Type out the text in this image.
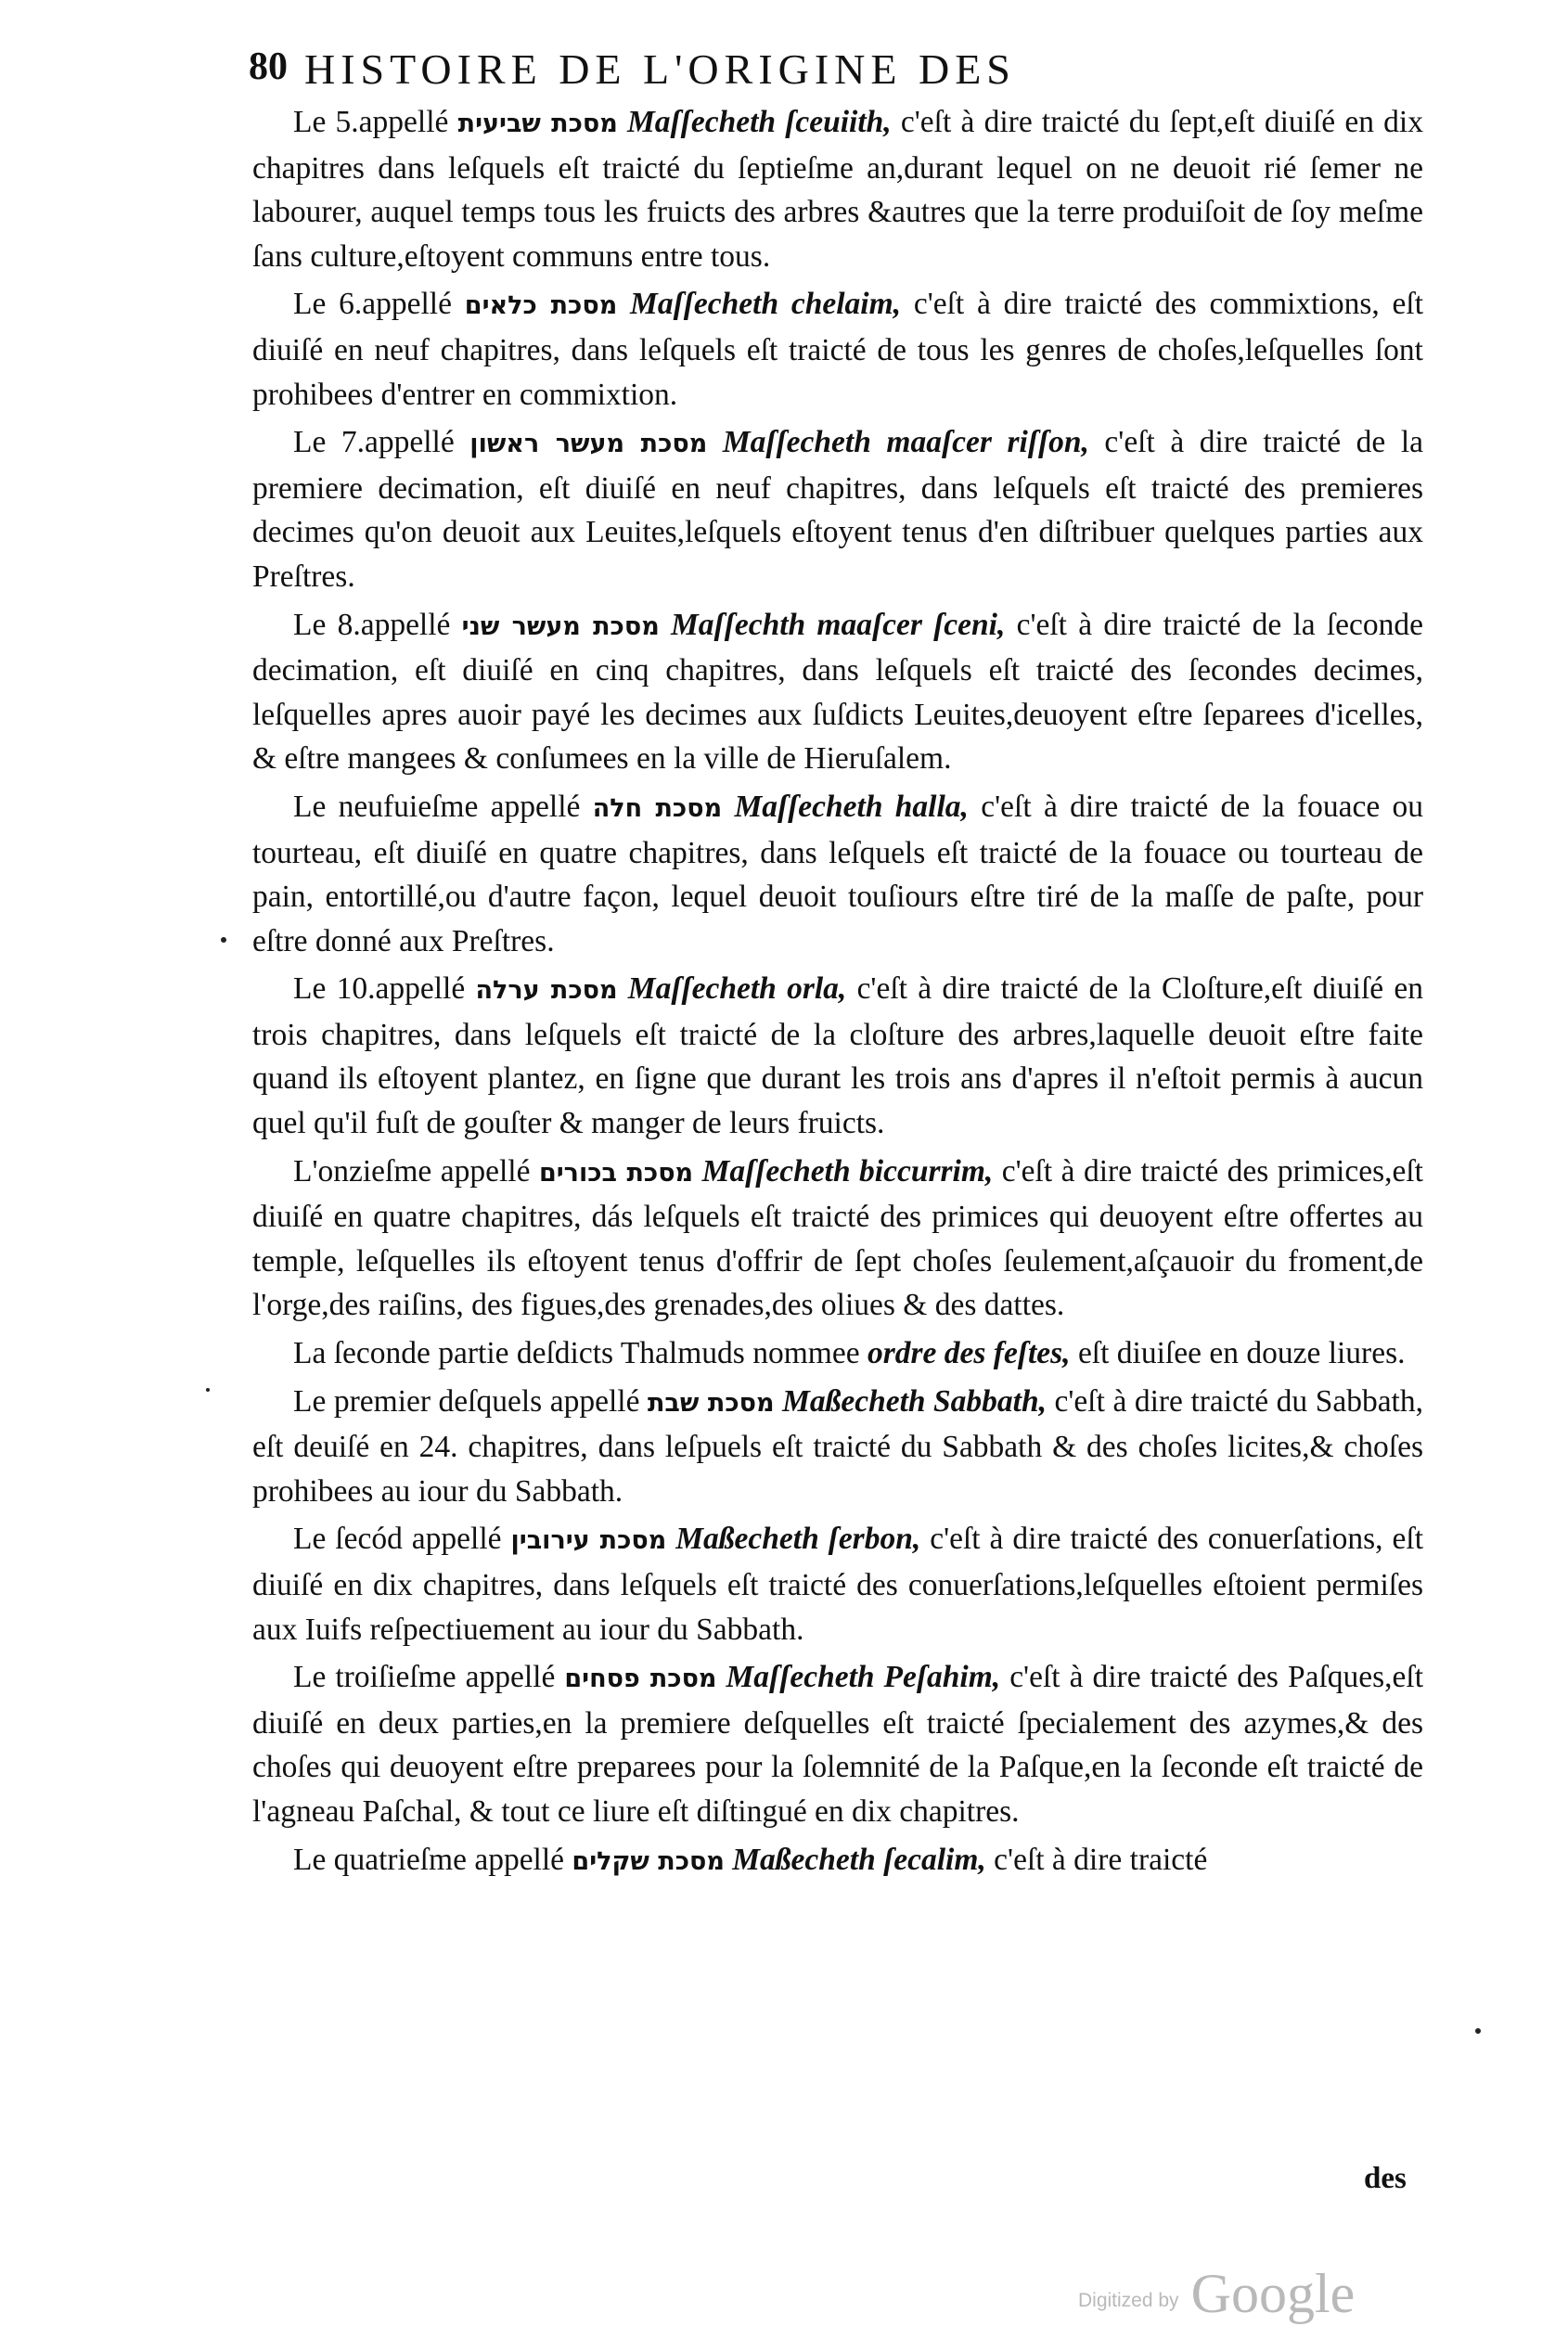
80 HISTOIRE DE L'ORIGINE DES

Le 5.appellé מסכת שביעית Maſſecheth ſceuiith, c'eſt à dire traicté du ſept,eſt diuiſé en dix chapitres dans leſquels eſt traicté du ſeptieſme an,durant lequel on ne deuoit rié ſemer ne labourer, auquel temps tous les fruicts des arbres &autres que la terre produiſoit de ſoy meſme ſans culture,eſtoyent communs entre tous.

Le 6.appellé מסכת כלאים Maſſecheth chelaim, c'eſt à dire traicté des commixtions, eſt diuiſé en neuf chapitres, dans leſquels eſt traicté de tous les genres de choſes,leſquelles ſont prohibees d'entrer en commixtion.

Le 7.appellé מסכת מעשר ראשון Maſſecheth maaſcer riſſon, c'eſt à dire traicté de la premiere decimation, eſt diuiſé en neuf chapitres, dans leſquels eſt traicté des premieres decimes qu'on deuoit aux Leuites,leſquels eſtoyent tenus d'en diſtribuer quelques parties aux Preſtres.

Le 8.appellé מסכת מעשר שני Maſſechth maaſcer ſceni, c'eſt à dire traicté de la ſeconde decimation, eſt diuiſé en cinq chapitres, dans leſquels eſt traicté des ſecondes decimes, leſquelles apres auoir payé les decimes aux ſuſdicts Leuites,deuoyent eſtre ſeparees d'icelles, & eſtre mangees & conſumees en la ville de Hieruſalem.

Le neufuieſme appellé מסכת חלה Maſſecheth halla, c'eſt à dire traicté de la fouace ou tourteau, eſt diuiſé en quatre chapitres, dans leſquels eſt traicté de la fouace ou tourteau de pain, entortillé,ou d'autre façon, lequel deuoit touſiours eſtre tiré de la maſſe de paſte, pour eſtre donné aux Preſtres.

Le 10.appellé מסכת ערלה Maſſecheth orla, c'eſt à dire traicté de la Cloſture,eſt diuiſé en trois chapitres, dans leſquels eſt traicté de la cloſture des arbres,laquelle deuoit eſtre faite quand ils eſtoyent plantez, en ſigne que durant les trois ans d'apres il n'eſtoit permis à aucun quel qu'il fuſt de gouſter & manger de leurs fruicts.

L'onzieſme appellé מסכת בכורים Maſſecheth biccurrim, c'eſt à dire traicté des primices,eſt diuiſé en quatre chapitres, dás leſquels eſt traicté des primices qui deuoyent eſtre offertes au temple, leſquelles ils eſtoyent tenus d'offrir de ſept choſes ſeulement,aſçauoir du froment,de l'orge,des raiſins, des figues,des grenades,des oliues & des dattes.

La ſeconde partie deſdicts Thalmuds nommee ordre des feſtes, eſt diuiſee en douze liures.

Le premier deſquels appellé מסכת שבת Maßecheth Sabbath, c'eſt à dire traicté du Sabbath, eſt deuiſé en 24. chapitres, dans leſpuels eſt traicté du Sabbath & des choſes licites,& choſes prohibees au iour du Sabbath.

Le ſecód appellé מסכת עירובין Maßecheth ſerbon, c'eſt à dire traicté des conuerſations, eſt diuiſé en dix chapitres, dans leſquels eſt traicté des conuerſations,leſquelles eſtoient permiſes aux Iuifs reſpectiuement au iour du Sabbath.

Le troiſieſme appellé מסכת פסחים Maſſecheth Peſahim, c'eſt à dire traicté des Paſques,eſt diuiſé en deux parties,en la premiere deſquelles eſt traicté ſpecialement des azymes,& des choſes qui deuoyent eſtre preparees pour la ſolemnité de la Paſque,en la ſeconde eſt traicté de l'agneau Paſchal, & tout ce liure eſt diſtingué en dix chapitres.

Le quatrieſme appellé מסכת שקלים Maßecheth ſecalim, c'eſt à dire traicté

des
Digitized by Google
